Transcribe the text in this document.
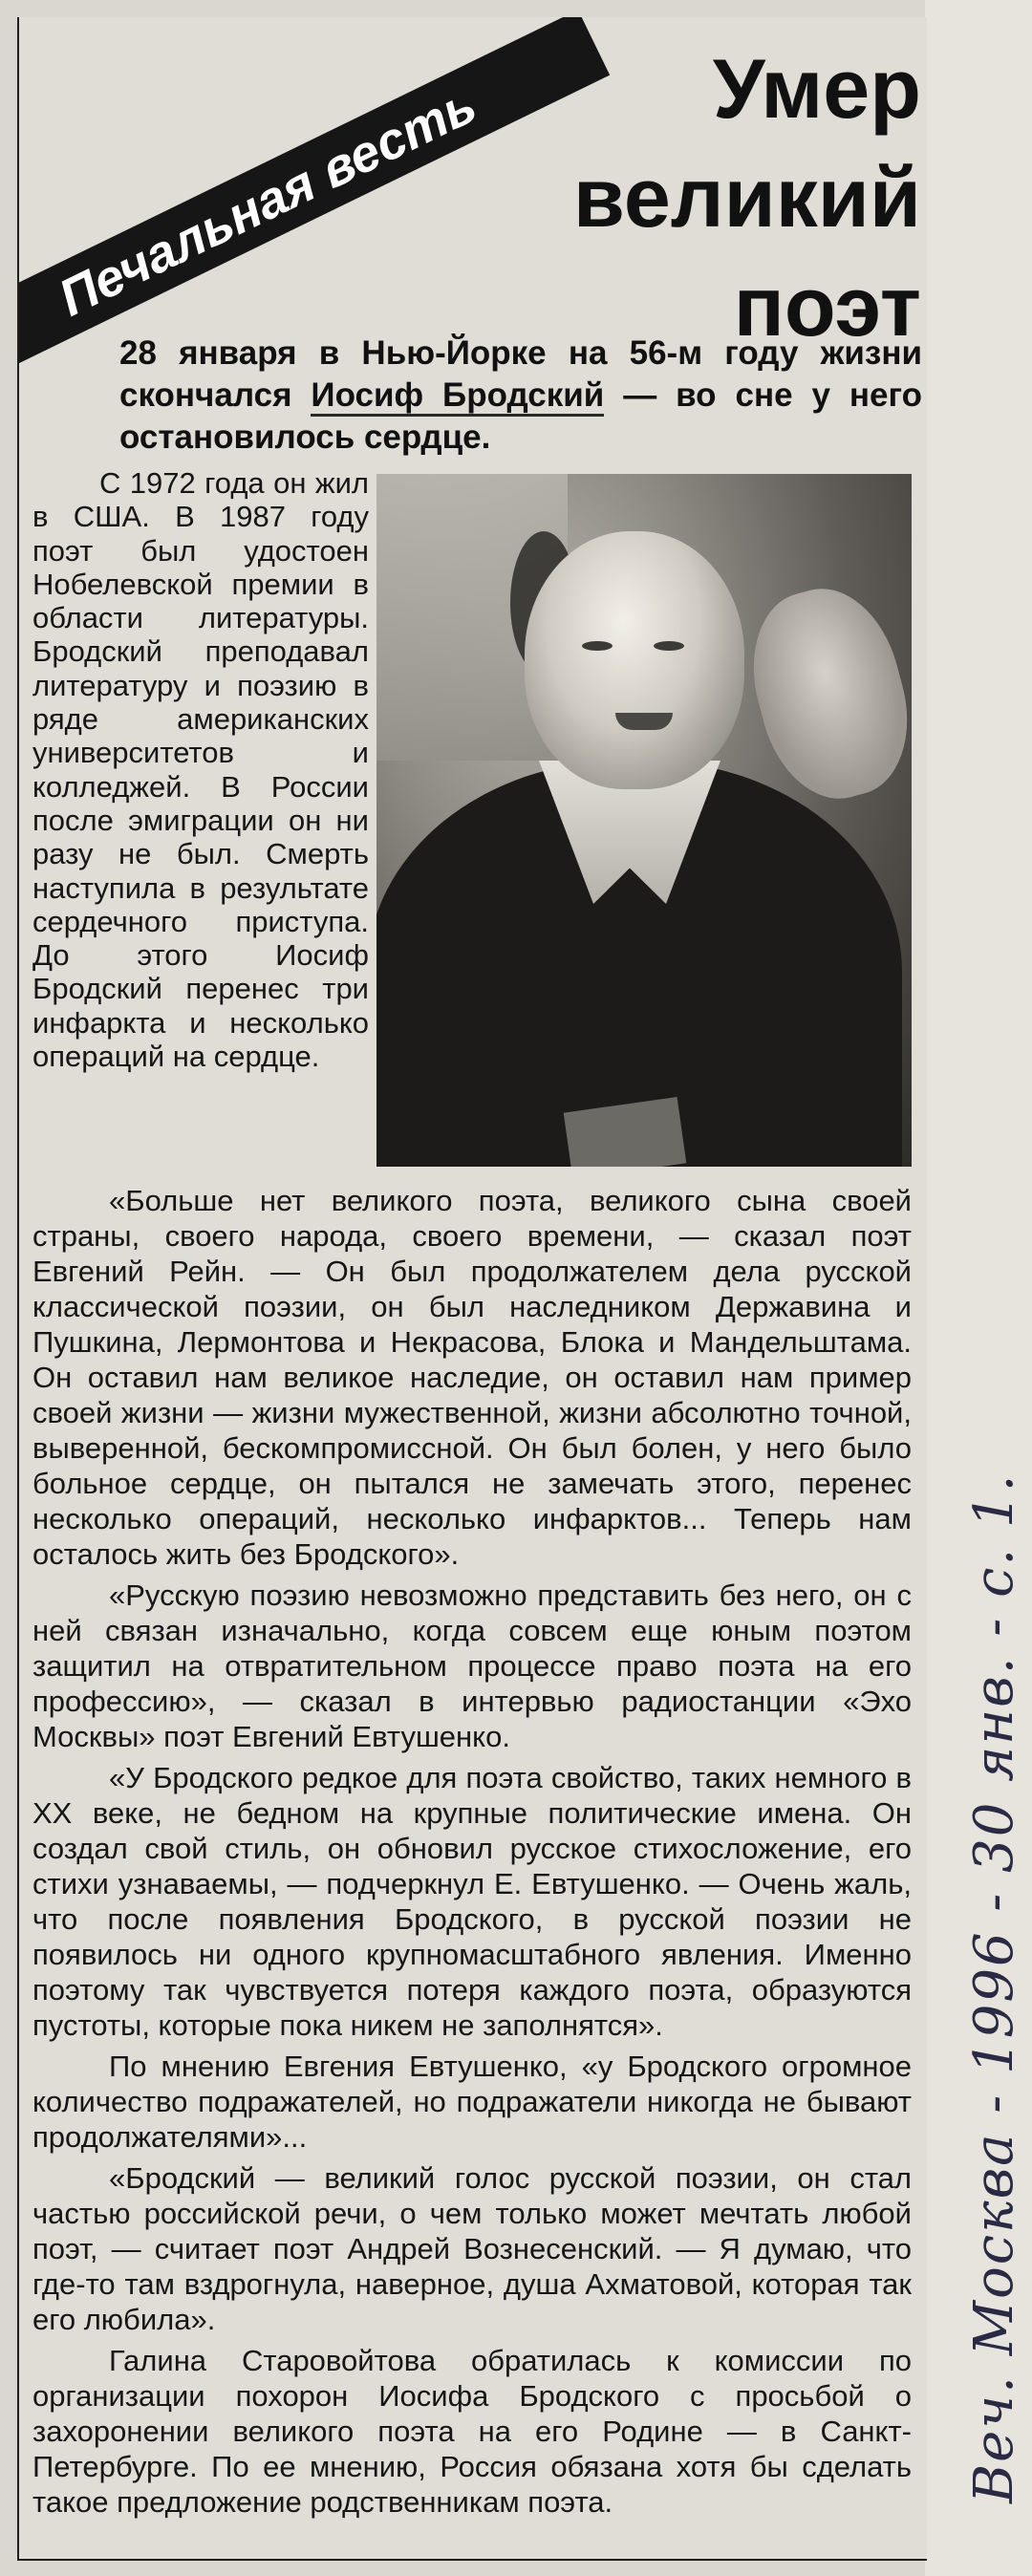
Печальная весть	Умер
великий
поэт
28 января в Нью-Йорке на 56-м году жизни скончался Иосиф Бродский — во сне у него остановилось сердце.

С 1972 года он жил в США. В 1987 году поэт был удостоен Нобелевской премии в области литературы. Бродский преподавал литературу и поэзию в ряде американских университетов и колледжей. В России после эмиграции он ни разу не был. Смерть наступила в результате сердечного приступа. До этого Иосиф Бродский перенес три инфаркта и несколько операций на сердце.

«Больше нет великого поэта, великого сына своей страны, своего народа, своего времени, — сказал поэт Евгений Рейн. — Он был продолжателем дела русской классической поэзии, он был наследником Державина и Пушкина, Лермонтова и Некрасова, Блока и Мандельштама. Он оставил нам великое наследие, он оставил нам пример своей жизни — жизни мужественной, жизни абсолютно точной, выверенной, бескомпромиссной. Он был болен, у него было больное сердце, он пытался не замечать этого, перенес несколько операций, несколько инфарктов... Теперь нам осталось жить без Бродского».

«Русскую поэзию невозможно представить без него, он с ней связан изначально, когда совсем еще юным поэтом защитил на отвратительном процессе право поэта на его профессию», — сказал в интервью радиостанции «Эхо Москвы» поэт Евгений Евтушенко.

«У Бродского редкое для поэта свойство, таких немного в XX веке, не бедном на крупные политические имена. Он создал свой стиль, он обновил русское стихосложение, его стихи узнаваемы, — подчеркнул Е. Евтушенко. — Очень жаль, что после появления Бродского, в русской поэзии не появилось ни одного крупномасштабного явления. Именно поэтому так чувствуется потеря каждого поэта, образуются пустоты, которые пока никем не заполнятся».

По мнению Евгения Евтушенко, «у Бродского огромное количество подражателей, но подражатели никогда не бывают продолжателями»...

«Бродский — великий голос русской поэзии, он стал частью российской речи, о чем только может мечтать любой поэт, — считает поэт Андрей Вознесенский. — Я думаю, что где-то там вздрогнула, наверное, душа Ахматовой, которая так его любила».

Галина Старовойтова обратилась к комиссии по организации похорон Иосифа Бродского с просьбой о захоронении великого поэта на его Родине — в Санкт-Петербурге. По ее мнению, Россия обязана хотя бы сделать такое предложение родственникам поэта.	Веч. Москва - 1996 - 30 янв. - с. 1.
